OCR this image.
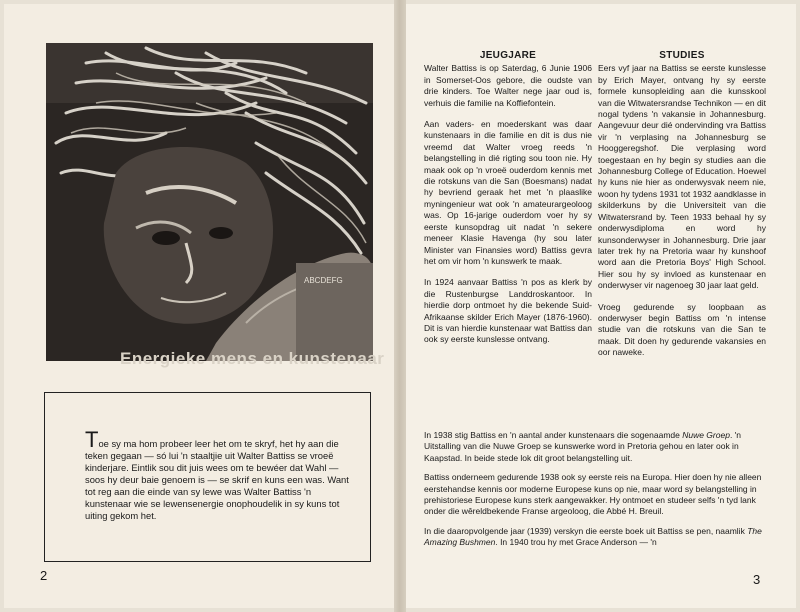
ABCDEFG
Energieke mens en kunstenaar

Toe sy ma hom probeer leer het om te skryf, het hy aan die teken gegaan — só lui 'n staaltjie uit Walter Battiss se vroeë kinderjare. Eintlik sou dit juis wees om te bewéer dat Wahl — soos hy deur baie genoem is — se skrif en kuns een was. Want tot reg aan die einde van sy lewe was Walter Battiss 'n kunstenaar wie se lewensenergie onophoudelik in sy kuns tot uiting gekom het.

2
JEUGJARE

Walter Battiss is op Saterdag, 6 Junie 1906 in Somerset-Oos gebore, die oudste van drie kinders. Toe Walter nege jaar oud is, verhuis die familie na Koffiefontein.

Aan vaders- en moederskant was daar kunstenaars in die familie en dit is dus nie vreemd dat Walter vroeg reeds 'n belangstelling in dié rigting sou toon nie. Hy maak ook op 'n vroeë ouderdom kennis met die rotskuns van die San (Boesmans) nadat hy bevriend geraak het met 'n plaaslike myningenieur wat ook 'n amateurargeoloog was. Op 16-jarige ouderdom voer hy sy eerste kunsopdrag uit nadat 'n sekere meneer Klasie Havenga (hy sou later Minister van Finansies word) Battiss gevra het om vir hom 'n kunswerk te maak.

In 1924 aanvaar Battiss 'n pos as klerk by die Rustenburgse Landdroskantoor. In hierdie dorp ontmoet hy die bekende Suid-Afrikaanse skilder Erich Mayer (1876-1960). Dit is van hierdie kunstenaar wat Battiss dan ook sy eerste kunslesse ontvang.

STUDIES

Eers vyf jaar na Battiss se eerste kunslesse by Erich Mayer, ontvang hy sy eerste formele kunsopleiding aan die kunsskool van die Witwatersrandse Technikon — en dit nogal tydens 'n vakansie in Johannesburg. Aangevuur deur dié ondervinding vra Battiss vir 'n verplasing na Johannesburg se Hooggeregshof. Die verplasing word toegestaan en hy begin sy studies aan die Johannesburg College of Education. Hoewel hy kuns nie hier as onderwysvak neem nie, woon hy tydens 1931 tot 1932 aandklasse in skilderkuns by die Universiteit van die Witwatersrand by. Teen 1933 behaal hy sy onderwysdiploma en word hy kunsonderwyser in Johannesburg. Drie jaar later trek hy na Pretoria waar hy kunshoof word aan die Pretoria Boys' High School. Hier sou hy sy invloed as kunstenaar en onderwyser vir nagenoeg 30 jaar laat geld.

Vroeg gedurende sy loopbaan as onderwyser begin Battiss om 'n intense studie van die rotskuns van die San te maak. Dit doen hy gedurende vakansies en oor naweke.

In 1938 stig Battiss en 'n aantal ander kunstenaars die sogenaamde Nuwe Groep. 'n Uitstalling van die Nuwe Groep se kunswerke word in Pretoria gehou en later ook in Kaapstad. In beide stede lok dit groot belangstelling uit.

Battiss onderneem gedurende 1938 ook sy eerste reis na Europa. Hier doen hy nie alleen eerstehandse kennis oor moderne Europese kuns op nie, maar word sy belangstelling in prehistoriese Europese kuns sterk aangewakker. Hy ontmoet en studeer selfs 'n tyd lank onder die wêreldbekende Franse argeoloog, die Abbé H. Breuil.

In die daaropvolgende jaar (1939) verskyn die eerste boek uit Battiss se pen, naamlik The Amazing Bushmen. In 1940 trou hy met Grace Anderson — 'n

3
